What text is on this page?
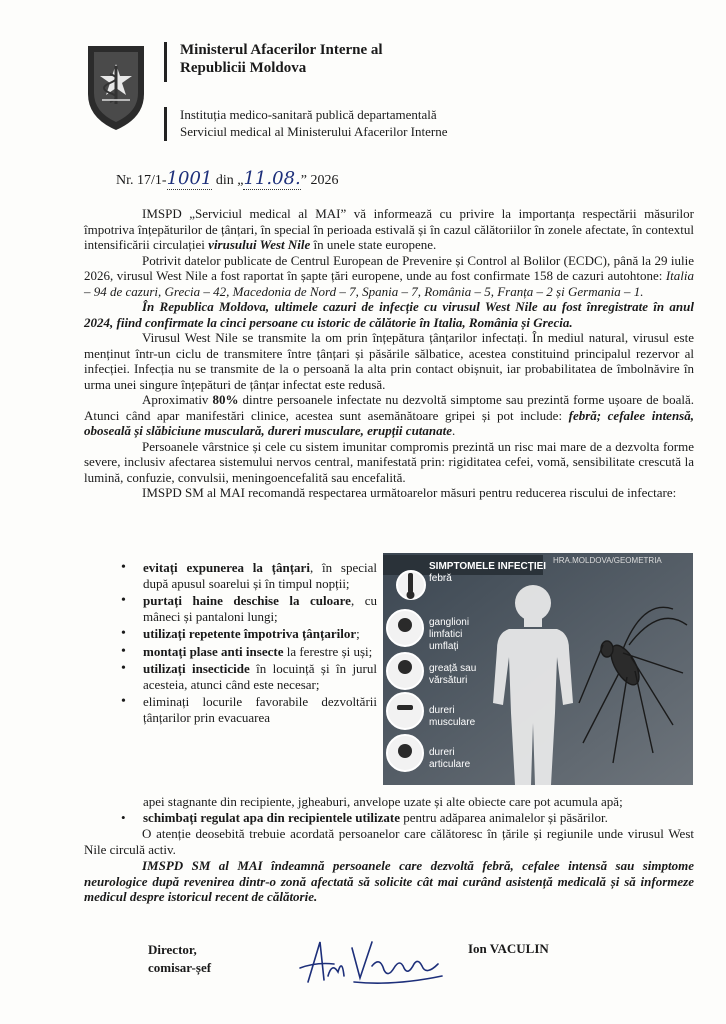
Ministerul Afacerilor Interne al
Republicii Moldova
Instituția medico-sanitară publică departamentală
Serviciul medical al Ministerului Afacerilor Interne
Nr. 17/1-1001 din „11.08.” 2026

IMSPD „Serviciul medical al MAI” vă informează cu privire la importanța respectării măsurilor împotriva înțepăturilor de țânțari, în special în perioada estivală și în cazul călătoriilor în zonele afectate, în contextul intensificării circulației virusului West Nile în unele state europene.

Potrivit datelor publicate de Centrul European de Prevenire și Control al Bolilor (ECDC), până la 29 iulie 2026, virusul West Nile a fost raportat în șapte țări europene, unde au fost confirmate 158 de cazuri autohtone: Italia – 94 de cazuri, Grecia – 42, Macedonia de Nord – 7, Spania – 7, România – 5, Franța – 2 și Germania – 1.

În Republica Moldova, ultimele cazuri de infecție cu virusul West Nile au fost înregistrate în anul 2024, fiind confirmate la cinci persoane cu istoric de călătorie în Italia, România și Grecia.

Virusul West Nile se transmite la om prin înțepătura țânțarilor infectați. În mediul natural, virusul este menținut într-un ciclu de transmitere între țânțari și păsările sălbatice, acestea constituind principalul rezervor al infecției. Infecția nu se transmite de la o persoană la alta prin contact obișnuit, iar probabilitatea de îmbolnăvire în urma unei singure înțepături de țânțar infectat este redusă.

Aproximativ 80% dintre persoanele infectate nu dezvoltă simptome sau prezintă forme ușoare de boală. Atunci când apar manifestări clinice, acestea sunt asemănătoare gripei și pot include: febră; cefalee intensă, oboseală și slăbiciune musculară, dureri musculare, erupții cutanate.

Persoanele vârstnice și cele cu sistem imunitar compromis prezintă un risc mai mare de a dezvolta forme severe, inclusiv afectarea sistemului nervos central, manifestată prin: rigiditatea cefei, vomă, sensibilitate crescută la lumină, confuzie, convulsii, meningoencefalită sau encefalită.

IMSPD SM al MAI recomandă respectarea următoarelor măsuri pentru reducerea riscului de infectare:

• evitați expunerea la țânțari, în special după apusul soarelui și în timpul nopții;
• purtați haine deschise la culoare, cu mâneci și pantaloni lungi;
• utilizați repetente împotriva țânțarilor;
• montați plase anti insecte la ferestre și uși;
• utilizați insecticide în locuință și în jurul acesteia, atunci când este necesar;
• eliminați locurile favorabile dezvoltării țânțarilor prin evacuarea
apei stagnante din recipiente, jgheaburi, anvelope uzate și alte obiecte care pot acumula apă;
•	schimbați regulat apa din recipientele utilizate pentru adăparea animalelor și păsărilor.
O atenție deosebită trebuie acordată persoanelor care călătoresc în țările și regiunile unde virusul West Nile circulă activ.
IMSPD SM al MAI îndeamnă persoanele care dezvoltă febră, cefalee intensă sau simptome neurologice după revenirea dintr-o zonă afectată să solicite cât mai curând asistență medicală și să informeze medicul despre istoricul recent de călătorie.
SIMPTOMELE INFECȚIEI
febră
ganglioni
limfatici
umflați
greață sau
vărsături
dureri
musculare
dureri
articulare
HRA.MOLDOVA/GEOMETRIA
Director,
comisar-șef
Ion VACULIN
